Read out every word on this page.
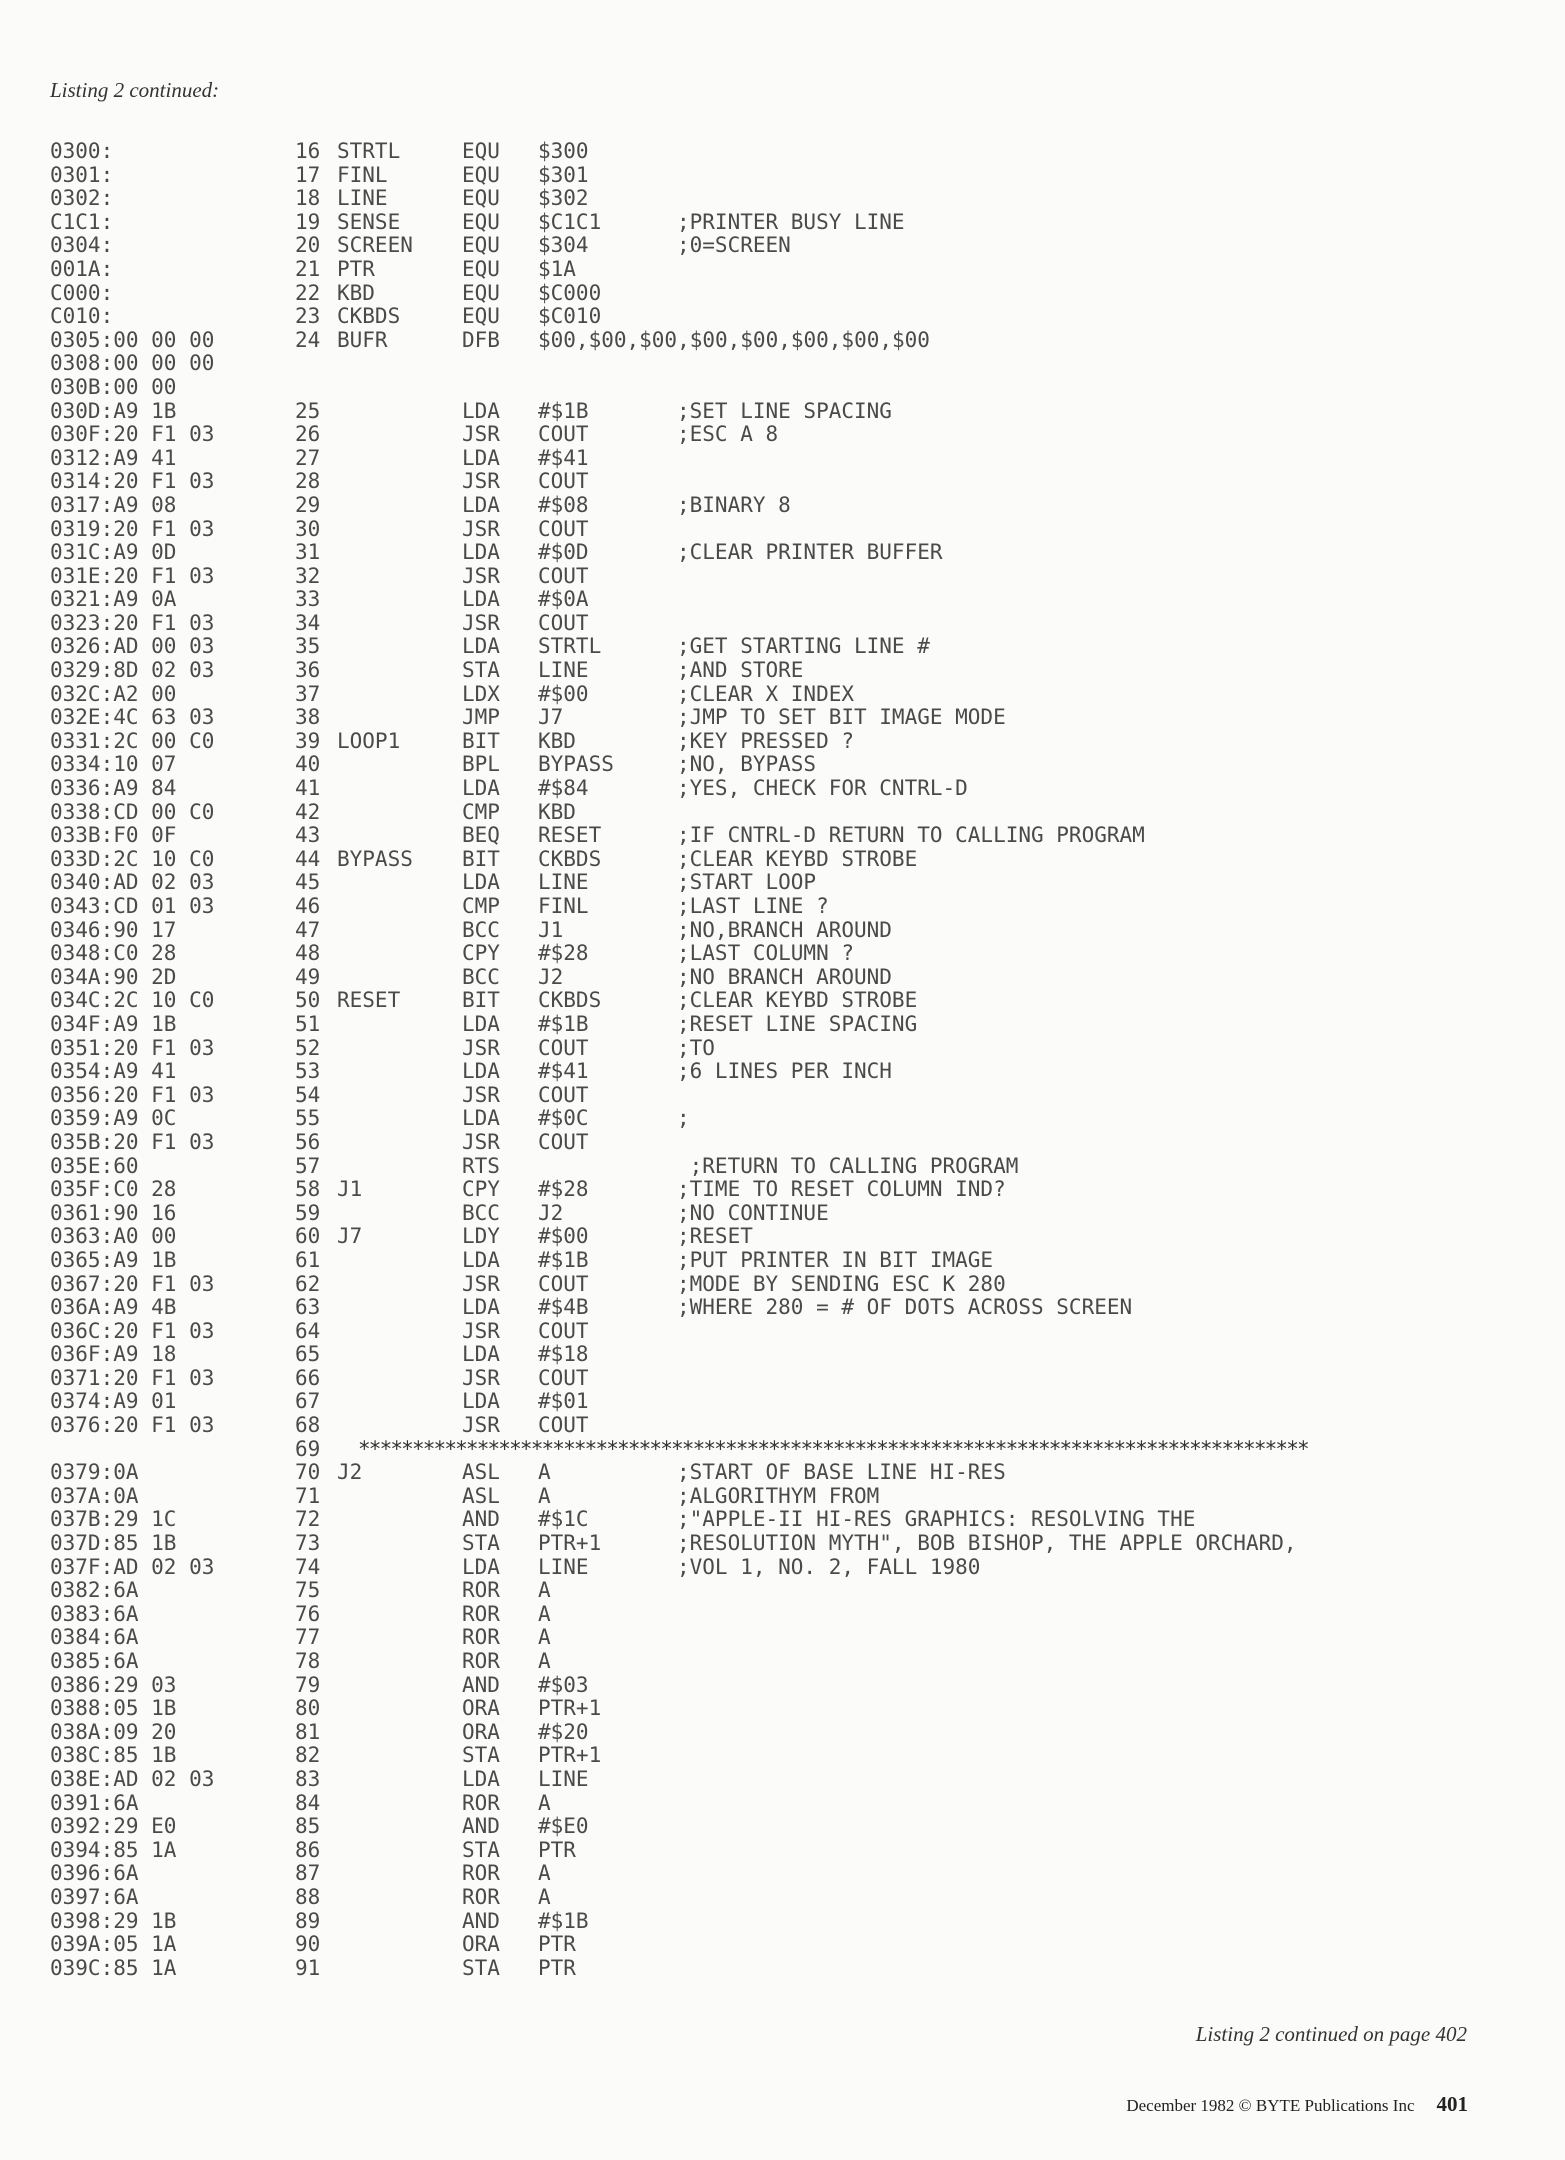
Listing 2 continued:
0300:	16 STRTL	EQU $300
0301:	17 FINL	EQU $301
0302:	18 LINE	EQU $302
C1C1:	19 SENSE	EQU $C1C1	;PRINTER BUSY LINE
0304:	20 SCREEN EQU $304	;0=SCREEN
001A:	21 PTR	EQU $1A
C000:	22 KBD	EQU $C000
C010:	23 CKBDS	EQU $C010
0305:00 00 00	24 BUFR	DFB $00,$00,$00,$00,$00,$00,$00,$00
0308:00 00 00
030B:00 00
030D:A9 1B	25	LDA #$1B	;SET LINE SPACING
030F:20 F1 03	26	JSR COUT	;ESC A 8
0312:A9 41	27	LDA #$41
0314:20 F1 03	28	JSR COUT
0317:A9 08	29	LDA #$08	;BINARY 8
0319:20 F1 03	30	JSR COUT
031C:A9 0D	31	LDA #$0D	;CLEAR PRINTER BUFFER
031E:20 F1 03	32	JSR COUT
0321:A9 0A	33	LDA #$0A
0323:20 F1 03	34	JSR COUT
0326:AD 00 03	35	LDA STRTL	;GET STARTING LINE #
0329:8D 02 03	36	STA LINE	;AND STORE
032C:A2 00	37	LDX #$00	;CLEAR X INDEX
032E:4C 63 03	38	JMP J7	;JMP TO SET BIT IMAGE MODE
0331:2C 00 C0	39 LOOP1	BIT KBD	;KEY PRESSED ?
0334:10 07	40	BPL BYPASS	;NO, BYPASS
0336:A9 84	41	LDA #$84	;YES, CHECK FOR CNTRL-D
0338:CD 00 C0	42	CMP KBD
033B:F0 0F	43	BEQ RESET	;IF CNTRL-D RETURN TO CALLING PROGRAM
033D:2C 10 C0	44 BYPASS BIT CKBDS	;CLEAR KEYBD STROBE
0340:AD 02 03	45	LDA LINE	;START LOOP
0343:CD 01 03	46	CMP FINL	;LAST LINE ?
0346:90 17	47	BCC J1	;NO,BRANCH AROUND
0348:C0 28	48	CPY #$28	;LAST COLUMN ?
034A:90 2D	49	BCC J2	;NO BRANCH AROUND
034C:2C 10 C0	50 RESET	BIT CKBDS	;CLEAR KEYBD STROBE
034F:A9 1B	51	LDA #$1B	;RESET LINE SPACING
0351:20 F1 03	52	JSR COUT	;TO
0354:A9 41	53	LDA #$41	;6 LINES PER INCH
0356:20 F1 03	54	JSR COUT
0359:A9 0C	55	LDA #$0C	;
035B:20 F1 03	56	JSR COUT
035E:60	57	RTS	;RETURN TO CALLING PROGRAM
035F:C0 28	58 J1	CPY #$28	;TIME TO RESET COLUMN IND?
0361:90 16	59	BCC J2	;NO CONTINUE
0363:A0 00	60 J7	LDY #$00	;RESET
0365:A9 1B	61	LDA #$1B	;PUT PRINTER IN BIT IMAGE
0367:20 F1 03	62	JSR COUT	;MODE BY SENDING ESC K 280
036A:A9 4B	63	LDA #$4B	;WHERE 280 = # OF DOTS ACROSS SCREEN
036C:20 F1 03	64	JSR COUT
036F:A9 18	65	LDA #$18
0371:20 F1 03	66	JSR COUT
0374:A9 01	67	LDA #$01
0376:20 F1 03	68	JSR COUT
69 ****************************************************************************************
0379:0A	70 J2	ASL A	;START OF BASE LINE HI-RES
037A:0A	71	ASL A	;ALGORITHYM FROM
037B:29 1C	72	AND #$1C	;"APPLE-II HI-RES GRAPHICS: RESOLVING THE
037D:85 1B	73	STA PTR+1	;RESOLUTION MYTH", BOB BISHOP, THE APPLE ORCHARD,
037F:AD 02 03	74	LDA LINE	;VOL 1, NO. 2, FALL 1980
0382:6A	75	ROR A
0383:6A	76	ROR A
0384:6A	77	ROR A
0385:6A	78	ROR A
0386:29 03	79	AND #$03
0388:05 1B	80	ORA PTR+1
038A:09 20	81	ORA #$20
038C:85 1B	82	STA PTR+1
038E:AD 02 03	83	LDA LINE
0391:6A	84	ROR A
0392:29 E0	85	AND #$E0
0394:85 1A	86	STA PTR
0396:6A	87	ROR A
0397:6A	88	ROR A
0398:29 1B	89	AND #$1B
039A:05 1A	90	ORA PTR
039C:85 1A	91	STA PTR
Listing 2 continued on page 402
December 1982 © BYTE Publications Inc 401
